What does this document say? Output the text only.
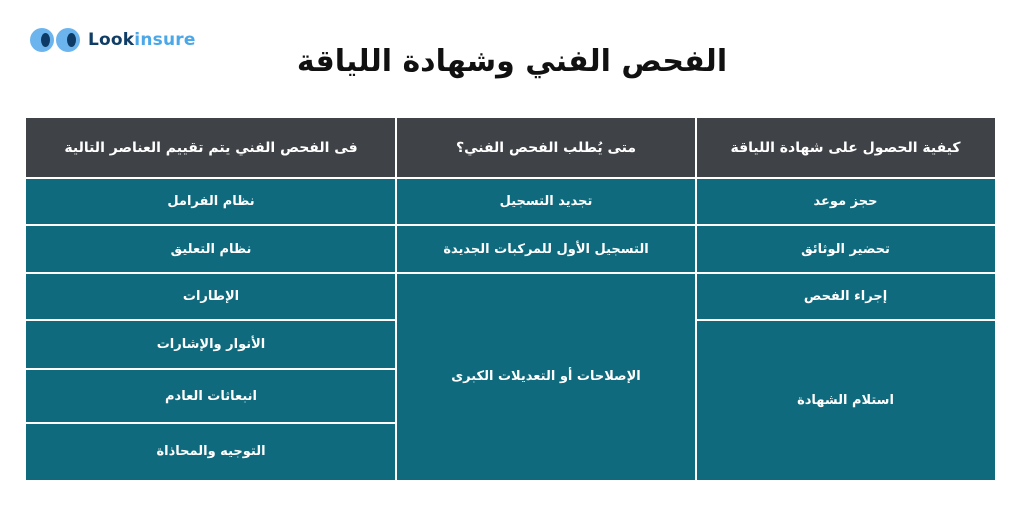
Lookinsure
الفحص الفني وشهادة اللياقة
كيفية الحصول على شهادة اللياقة
متى يُطلب الفحص الفني؟
فى الفحص الفني يتم تقييم العناصر التالية
حجز موعد
تحضير الوثائق
إجراء الفحص
استلام الشهادة
تجديد التسجيل
التسجيل الأول للمركبات الجديدة
الإصلاحات أو التعديلات الكبرى
نظام الفرامل
نظام التعليق
الإطارات
الأنوار والإشارات
انبعاثات العادم
التوجيه والمحاذاة
